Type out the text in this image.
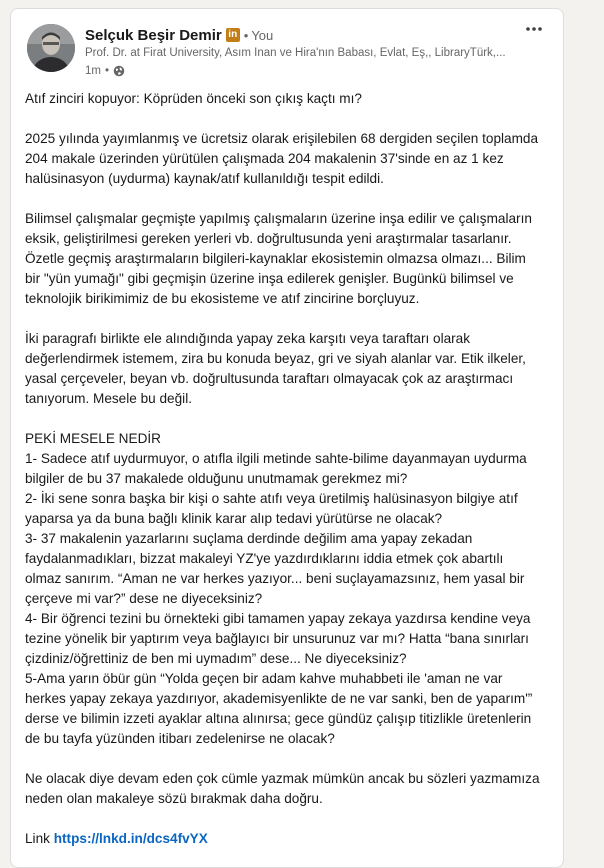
Selçuk Beşir Demir in • You
Prof. Dr. at Firat University, Asım İnan ve Hira'nın Babası, Evlat, Eş,, LibraryTürk,...
1m •
Atıf zinciri kopuyor: Köprüden önceki son çıkış kaçtı mı?
2025 yılında yayımlanmış ve ücretsiz olarak erişilebilen 68 dergiden seçilen toplamda
204 makale üzerinden yürütülen çalışmada 204 makalenin 37'sinde en az 1 kez
halüsinasyon (uydurma) kaynak/atıf kullanıldığı tespit edildi.
Bilimsel çalışmalar geçmişte yapılmış çalışmaların üzerine inşa edilir ve çalışmaların
eksik, geliştirilmesi gereken yerleri vb. doğrultusunda yeni araştırmalar tasarlanır.
Özetle geçmiş araştırmaların bilgileri-kaynaklar ekosistemin olmazsa olmazı... Bilim
bir "yün yumağı" gibi geçmişin üzerine inşa edilerek genişler. Bugünkü bilimsel ve
teknolojik birikimimiz de bu ekosisteme ve atıf zincirine borçluyuz.
İki paragrafı birlikte ele alındığında yapay zeka karşıtı veya taraftarı olarak
değerlendirmek istemem, zira bu konuda beyaz, gri ve siyah alanlar var. Etik ilkeler,
yasal çerçeveler, beyan vb. doğrultusunda taraftarı olmayacak çok az araştırmacı
tanıyorum. Mesele bu değil.
PEKİ MESELE NEDİR
1- Sadece atıf uydurmuyor, o atıfla ilgili metinde sahte-bilime dayanmayan uydurma
bilgiler de bu 37 makalede olduğunu unutmamak gerekmez mi?
2- İki sene sonra başka bir kişi o sahte atıfı veya üretilmiş halüsinasyon bilgiye atıf
yaparsa ya da buna bağlı klinik karar alıp tedavi yürütürse ne olacak?
3- 37 makalenin yazarlarını suçlama derdinde değilim ama yapay zekadan
faydalanmadıkları, bizzat makaleyi YZ'ye yazdırdıklarını iddia etmek çok abartılı
olmaz sanırım. “Aman ne var herkes yazıyor... beni suçlayamazsınız, hem yasal bir
çerçeve mi var?” dese ne diyeceksiniz?
4- Bir öğrenci tezini bu örnekteki gibi tamamen yapay zekaya yazdırsa kendine veya
tezine yönelik bir yaptırım veya bağlayıcı bir unsurunuz var mı? Hatta “bana sınırları
çizdiniz/öğrettiniz de ben mi uymadım” dese... Ne diyeceksiniz?
5-Ama yarın öbür gün “Yolda geçen bir adam kahve muhabbeti ile 'aman ne var
herkes yapay zekaya yazdırıyor, akademisyenlikte de ne var sanki, ben de yaparım'”
derse ve bilimin izzeti ayaklar altına alınırsa; gece gündüz çalışıp titizlikle üretenlerin
de bu tayfa yüzünden itibarı zedelenirse ne olacak?
Ne olacak diye devam eden çok cümle yazmak mümkün ancak bu sözleri yazmamıza
neden olan makaleye sözü bırakmak daha doğru.
Link https://lnkd.in/dcs4fvYX
